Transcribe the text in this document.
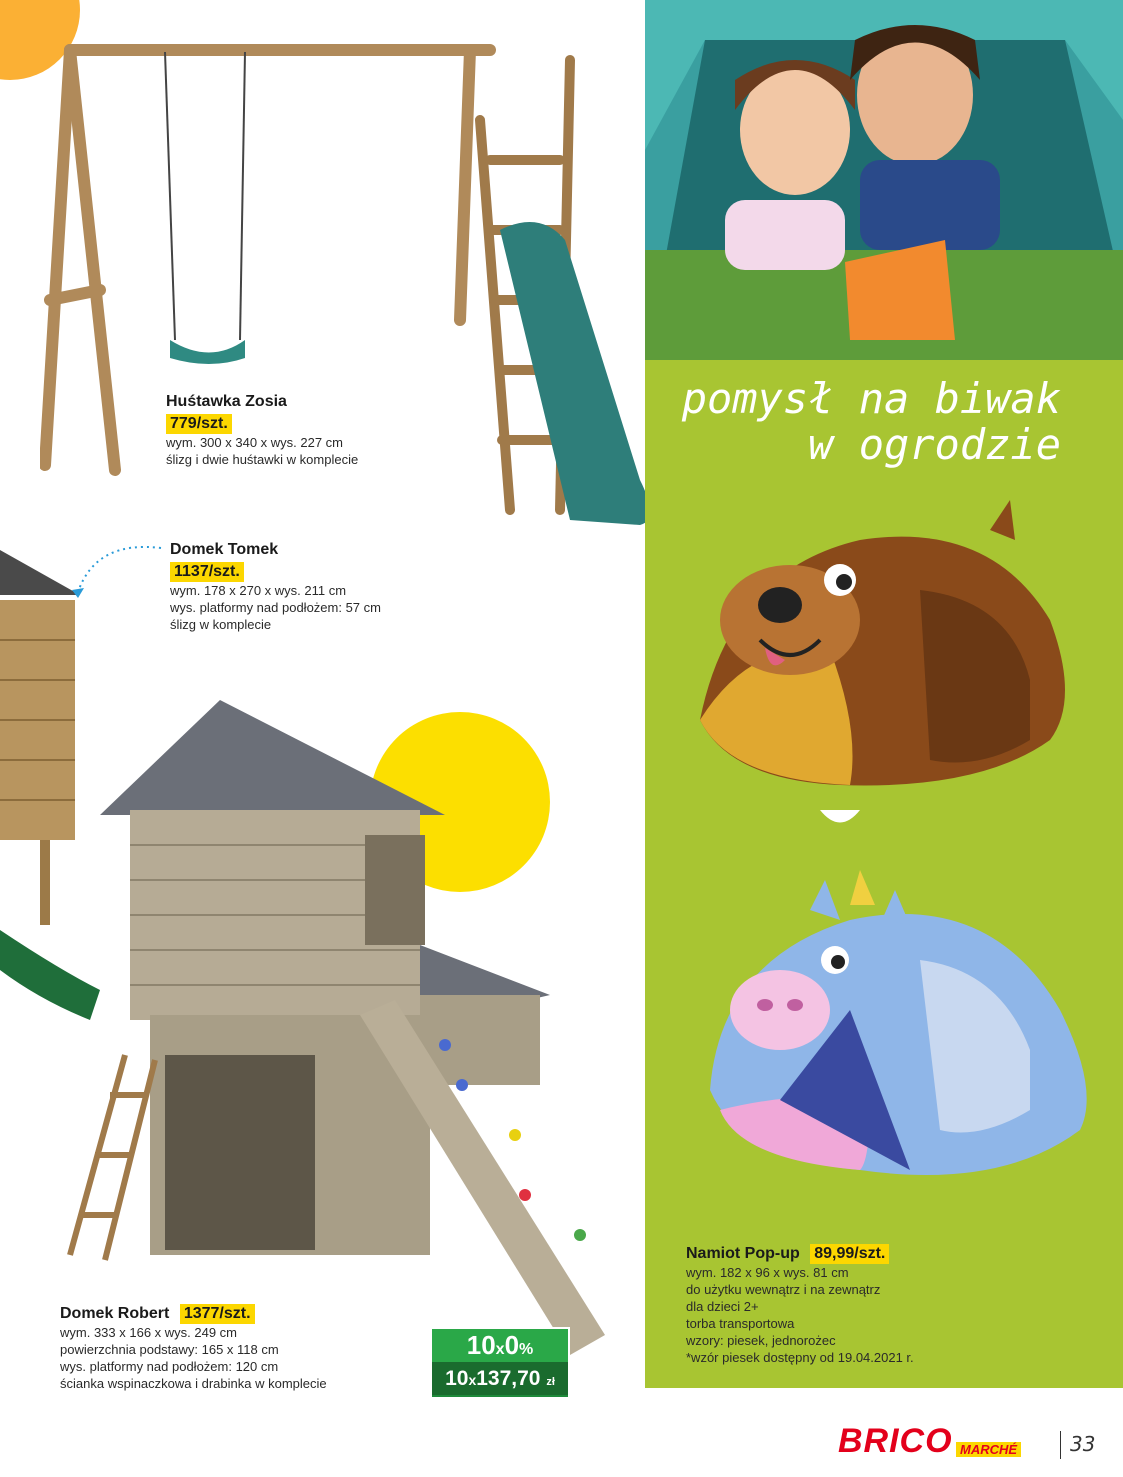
Huśtawka Zosia
779/szt.
wym. 300 x 340 x wys. 227 cm
ślizg i dwie huśtawki w komplecie
Domek Tomek
1137/szt.
wym. 178 x 270 x wys. 211 cm
wys. platformy nad podłożem: 57 cm
ślizg w komplecie
Domek Robert 1377/szt.
wym. 333 x 166 x wys. 249 cm
powierzchnia podstawy: 165 x 118 cm
wys. platformy nad podłożem: 120 cm
ścianka wspinaczkowa i drabinka w komplecie
10x0%
10x137,70 zł
pomysł na biwak
w ogrodzie
Namiot Pop-up 89,99/szt.
wym. 182 x 96 x wys. 81 cm
do użytku wewnątrz i na zewnątrz
dla dzieci 2+
torba transportowa
wzory: piesek, jednorożec
*wzór piesek dostępny od 19.04.2021 r.
BRICO MARCHÉ	33
